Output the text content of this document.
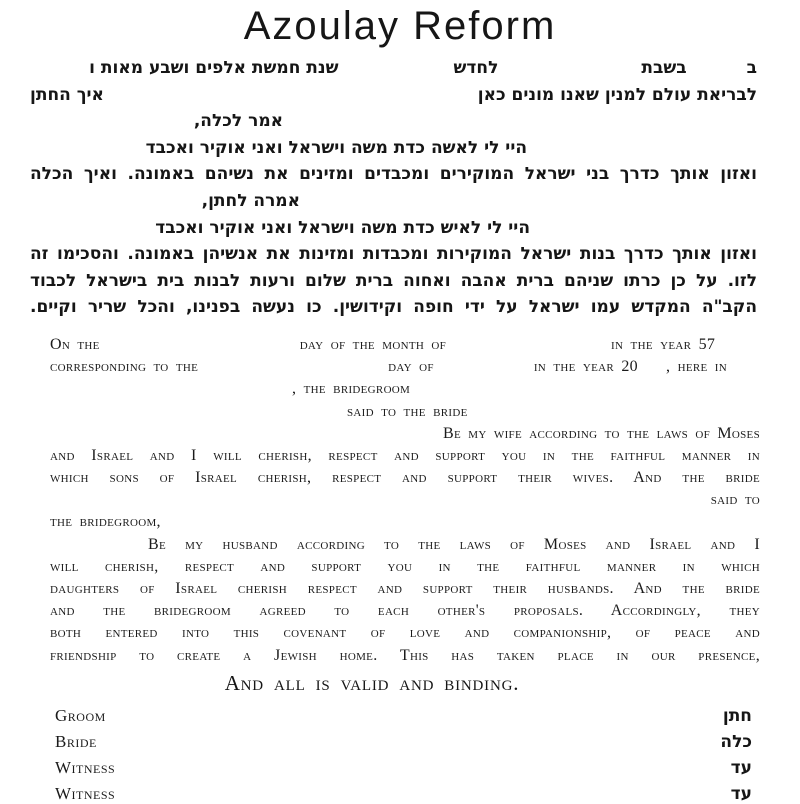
Azoulay Reform
ב
בשבת
לחדש
שנת חמשת אלפים ושבע מאות ו
לבריאת עולם למנין שאנו מונים כאן
איך החתן
אמר לכלה,
היי לי לאשה כדת משה וישראל ואני אוקיר ואכבד
ואזון אותך כדרך בני ישראל המוקירים ומכבדים ומזינים את נשיהם באמונה. ואיך הכלה
אמרה לחתן,
היי לי לאיש כדת משה וישראל ואני אוקיר ואכבד
ואזון אותך כדרך בנות ישראל המוקירות ומכבדות ומזינות את אנשיהן באמונה. והסכימו זה
לזו. על כן כרתו שניהם ברית אהבה ואחוה ברית שלום ורעות לבנות בית בישראל לכבוד
הקב"ה המקדש עמו ישראל על ידי חופה וקידושין. כו נעשה בפנינו, והכל שריר וקיים.
On the	day of the month of	in the year 57
corresponding to the	day of	in the year 20 , here in
, the bridegroom
said to the bride
Be my wife according to the laws of Moses
and Israel and I will cherish, respect and support you in the faithful manner in
which sons of Israel cherish, respect and support their wives. And the bride
said to
the bridegroom,
Be my husband according to the laws of Moses and Israel and I
will cherish, respect and support you in the faithful manner in which
daughters of Israel cherish respect and support their husbands. And the bride
and the bridegroom agreed to each other's proposals. Accordingly, they
both entered into this covenant of love and companionship, of peace and
friendship to create a Jewish home. This has taken place in our presence,
And all is valid and binding.
Groom	חתן
Bride	כלה
Witness	עד
Witness	עד
